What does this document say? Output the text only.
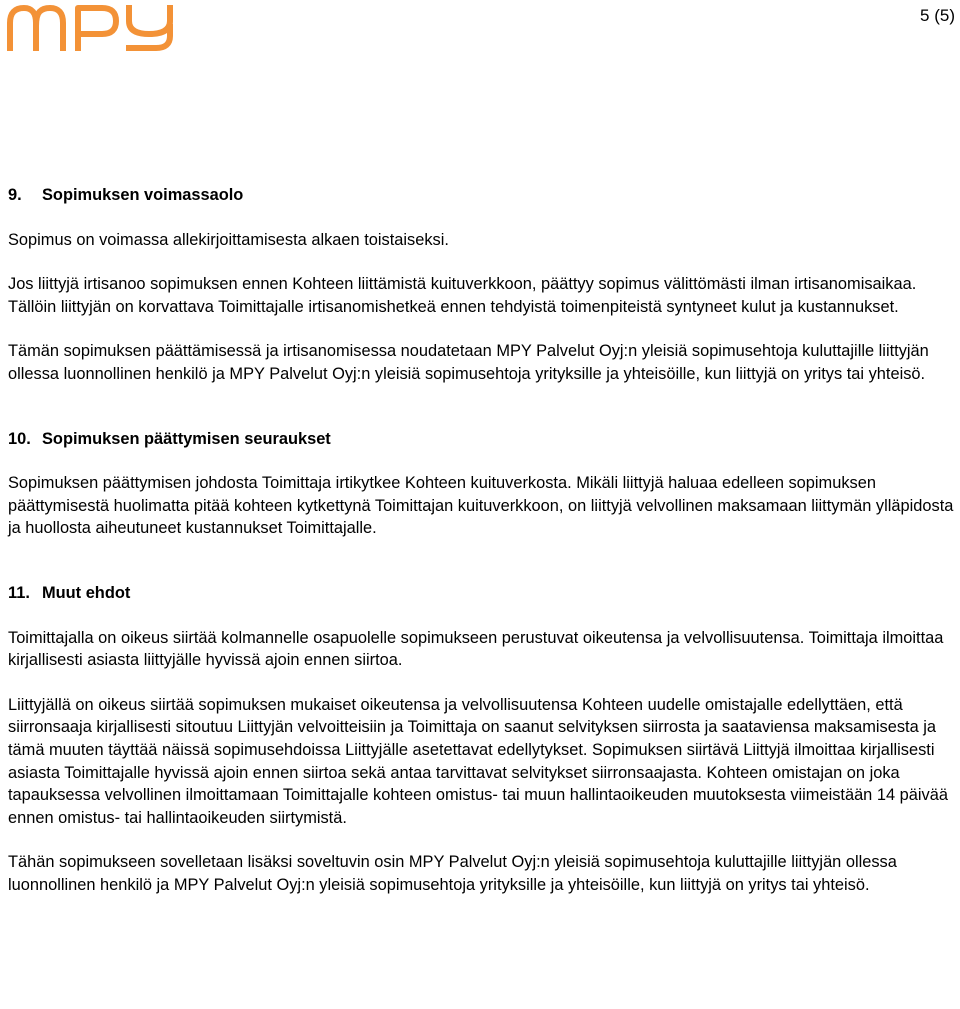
5 (5)
9. Sopimuksen voimassaolo

Sopimus on voimassa allekirjoittamisesta alkaen toistaiseksi.

Jos liittyjä irtisanoo sopimuksen ennen Kohteen liittämistä kuituverkkoon, päättyy sopimus välittömästi ilman irtisanomisaikaa. Tällöin liittyjän on korvattava Toimittajalle irtisanomishetkeä ennen tehdyistä toimenpiteistä syntyneet kulut ja kustannukset.

Tämän sopimuksen päättämisessä ja irtisanomisessa noudatetaan MPY Palvelut Oyj:n yleisiä sopimusehtoja kuluttajille liittyjän ollessa luonnollinen henkilö ja MPY Palvelut Oyj:n yleisiä sopimusehtoja yrityksille ja yhteisöille, kun liittyjä on yritys tai yhteisö.

10. Sopimuksen päättymisen seuraukset

Sopimuksen päättymisen johdosta Toimittaja irtikytkee Kohteen kuituverkosta. Mikäli liittyjä haluaa edelleen sopimuksen päättymisestä huolimatta pitää kohteen kytkettynä Toimittajan kuituverkkoon, on liittyjä velvollinen maksamaan liittymän ylläpidosta ja huollosta aiheutuneet kustannukset Toimittajalle.

11. Muut ehdot

Toimittajalla on oikeus siirtää kolmannelle osapuolelle sopimukseen perustuvat oikeutensa ja velvollisuutensa. Toimittaja ilmoittaa kirjallisesti asiasta liittyjälle hyvissä ajoin ennen siirtoa.

Liittyjällä on oikeus siirtää sopimuksen mukaiset oikeutensa ja velvollisuutensa Kohteen uudelle omistajalle edellyttäen, että siirronsaaja kirjallisesti sitoutuu Liittyjän velvoitteisiin ja Toimittaja on saanut selvityksen siirrosta ja saataviensa maksamisesta ja tämä muuten täyttää näissä sopimusehdoissa Liittyjälle asetettavat edellytykset. Sopimuksen siirtävä Liittyjä ilmoittaa kirjallisesti asiasta Toimittajalle hyvissä ajoin ennen siirtoa sekä antaa tarvittavat selvitykset siirronsaajasta. Kohteen omistajan on joka tapauksessa velvollinen ilmoittamaan Toimittajalle kohteen omistus- tai muun hallintaoikeuden muutoksesta viimeistään 14 päivää ennen omistus- tai hallintaoikeuden siirtymistä.

Tähän sopimukseen sovelletaan lisäksi soveltuvin osin MPY Palvelut Oyj:n yleisiä sopimusehtoja kuluttajille liittyjän ollessa luonnollinen henkilö ja MPY Palvelut Oyj:n yleisiä sopimusehtoja yrityksille ja yhteisöille, kun liittyjä on yritys tai yhteisö.
